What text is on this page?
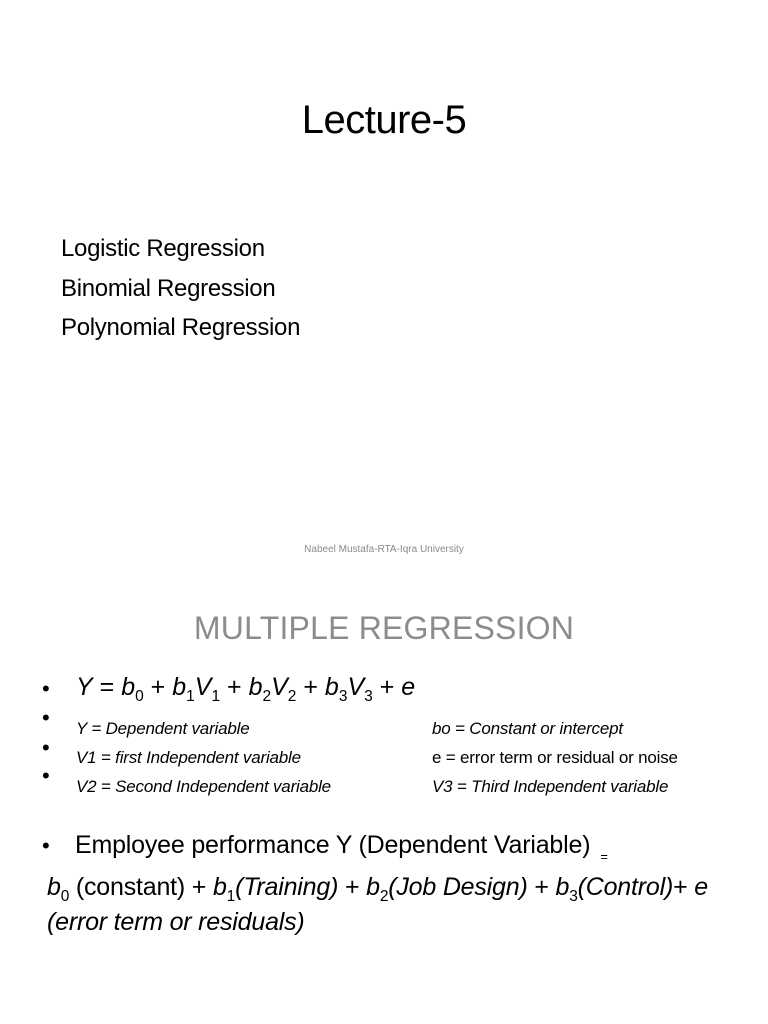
Lecture-5
Logistic Regression
Binomial Regression
Polynomial Regression
Nabeel Mustafa-RTA-Iqra University
MULTIPLE REGRESSION
•
•
•
•
•
$Y = b_0 + b_1V_1 + b_2V_2 + b_3V_3 + e$
Y = Dependent variable
V1 = first Independent variable
V2 = Second Independent variable
bo = Constant or intercept
e = error term or residual or noise
V3 = Third Independent variable
Employee performance Y (Dependent Variable) $_=$
$b_0$ (constant) + $b_1(Training) + b_2(Job$ Design) + $b_3(Control)+ e$
(error term or residuals)
